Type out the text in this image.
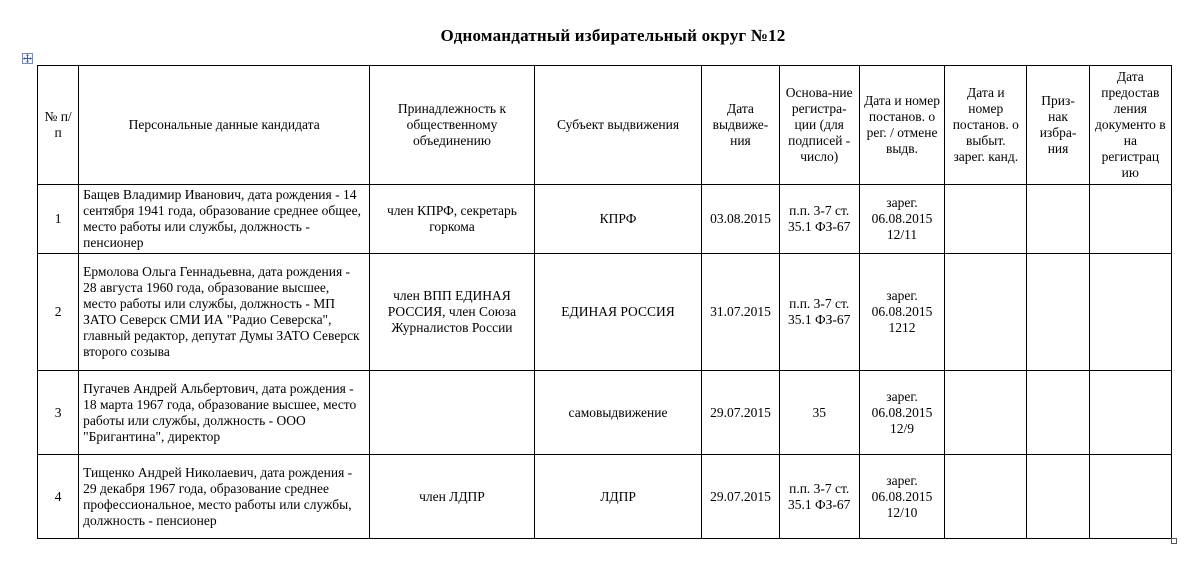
Одномандатный избирательный округ №12
№ п/п	Персональные данные кандидата	Принадлежность к общественному объединению	Субъект выдвижения	Дата выдвиже-ния	Основа-ние регистра-ции (для подписей - число)	Дата и номер постанов. о рег. / отмене выдв.	Дата и номер постанов. о выбыт. зарег. канд.	Приз-нак избра-ния	Дата предостав ления документо в на регистрац ию
1	Бащев Владимир Иванович, дата рождения - 14 сентября 1941 года, образование среднее общее, место работы или службы, должность - пенсионер	член КПРФ, секретарь горкома	КПРФ	03.08.2015	п.п. 3-7 ст. 35.1 ФЗ-67	зарег. 06.08.2015 12/11			
2	Ермолова Ольга Геннадьевна, дата рождения - 28 августа 1960 года, образование высшее, место работы или службы, должность - МП ЗАТО Северск СМИ ИА "Радио Северска", главный редактор, депутат Думы ЗАТО Северск второго созыва	член ВПП ЕДИНАЯ РОССИЯ, член Союза Журналистов России	ЕДИНАЯ РОССИЯ	31.07.2015	п.п. 3-7 ст. 35.1 ФЗ-67	зарег. 06.08.2015 1212			
3	Пугачев Андрей Альбертович, дата рождения - 18 марта 1967 года, образование высшее, место работы или службы, должность - ООО "Бригантина", директор		самовыдвижение	29.07.2015	35	зарег. 06.08.2015 12/9			
4	Тищенко Андрей Николаевич, дата рождения - 29 декабря 1967 года, образование среднее профессиональное, место работы или службы, должность - пенсионер	член ЛДПР	ЛДПР	29.07.2015	п.п. 3-7 ст. 35.1 ФЗ-67	зарег. 06.08.2015 12/10			
